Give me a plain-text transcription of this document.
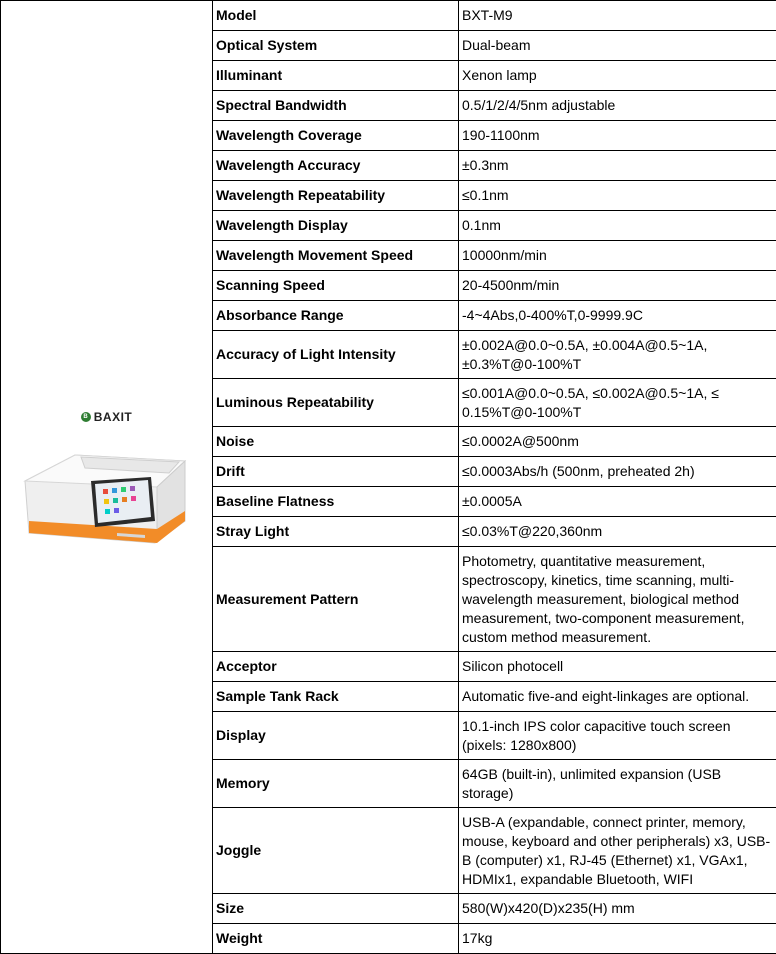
B BAXIT	Model	BXT-M9
	Optical System	Dual-beam
	Illuminant	Xenon lamp
	Spectral Bandwidth	0.5/1/2/4/5nm adjustable
	Wavelength Coverage	190-1100nm
	Wavelength Accuracy	±0.3nm
	Wavelength Repeatability	≤0.1nm
	Wavelength Display	0.1nm
	Wavelength Movement Speed	10000nm/min
	Scanning Speed	20-4500nm/min
	Absorbance Range	-4~4Abs,0-400%T,0-9999.9C
	Accuracy of Light Intensity	±0.002A@0.0~0.5A, ±0.004A@0.5~1A, ±0.3%T@0-100%T
	Luminous Repeatability	≤0.001A@0.0~0.5A, ≤0.002A@0.5~1A, ≤ 0.15%T@0-100%T
	Noise	≤0.0002A@500nm
	Drift	≤0.0003Abs/h (500nm, preheated 2h)
	Baseline Flatness	±0.0005A
	Stray Light	≤0.03%T@220,360nm
	Measurement Pattern	Photometry, quantitative measurement, spectroscopy, kinetics, time scanning, multi-wavelength measurement, biological method measurement, two-component measurement, custom method measurement.
	Acceptor	Silicon photocell
	Sample Tank Rack	Automatic five-and eight-linkages are optional.
	Display	10.1-inch IPS color capacitive touch screen (pixels: 1280x800)
	Memory	64GB (built-in), unlimited expansion (USB storage)
	Joggle	USB-A (expandable, connect printer, memory, mouse, keyboard and other peripherals) x3, USB-B (computer) x1, RJ-45 (Ethernet) x1, VGAx1, HDMIx1, expandable Bluetooth, WIFI
	Size	580(W)x420(D)x235(H) mm
	Weight	17kg
